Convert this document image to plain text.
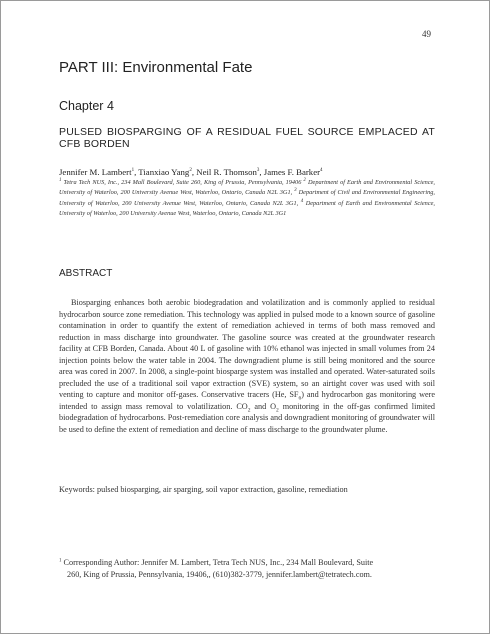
49
PART III: Environmental Fate
Chapter 4
PULSED BIOSPARGING OF A RESIDUAL FUEL SOURCE EMPLACED AT CFB BORDEN
Jennifer M. Lambert$^1$, Tianxiao Yang$^2$, Neil R. Thomson$^3$, James F. Barker$^4$
$^1$ Tetra Tech NUS, Inc., 234 Mall Boulevard, Suite 260, King of Prussia, Pennsylvania, 19406 $^2$ Department of Earth and Environmental Science, University of Waterloo, 200 University Avenue West, Waterloo, Ontario, Canada N2L 3G1, $^3$ Department of Civil and Environmental Engineering, University of Waterloo, 200 University Avenue West, Waterloo, Ontario, Canada N2L 3G1, $^4$ Department of Earth and Environmental Science, University of Waterloo, 200 University Avenue West, Waterloo, Ontario, Canada N2L 3G1
ABSTRACT

Biosparging enhances both aerobic biodegradation and volatilization and is commonly applied to residual hydrocarbon source zone remediation. This technology was applied in pulsed mode to a known source of gasoline contamination in order to quantify the extent of remediation achieved in terms of both mass removed and reduction in mass discharge into groundwater. The gasoline source was created at the groundwater research facility at CFB Borden, Canada. About 40 L of gasoline with 10% ethanol was injected in small volumes from 24 injection points below the water table in 2004. The downgradient plume is still being monitored and the source area was cored in 2007. In 2008, a single-point biosparge system was installed and operated. Water-saturated soils precluded the use of a traditional soil vapor extraction (SVE) system, so an airtight cover was used with soil venting to capture and monitor off-gases. Conservative tracers (He, $SF_6$) and hydrocarbon gas monitoring were intended to assign mass removal to volatilization. $CO_2$ and $O_2$ monitoring in the off-gas confirmed limited biodegradation of hydrocarbons. Post-remediation core analysis and downgradient monitoring of groundwater will be used to define the extent of remediation and decline of mass discharge to the groundwater plume.

Keywords: pulsed biosparging, air sparging, soil vapor extraction, gasoline, remediation

$^1$ Corresponding Author: Jennifer M. Lambert, Tetra Tech NUS, Inc., 234 Mall Boulevard, Suite
260, King of Prussia, Pennsylvania, 19406,, (610)382-3779, jennifer.lambert@tetratech.com.
